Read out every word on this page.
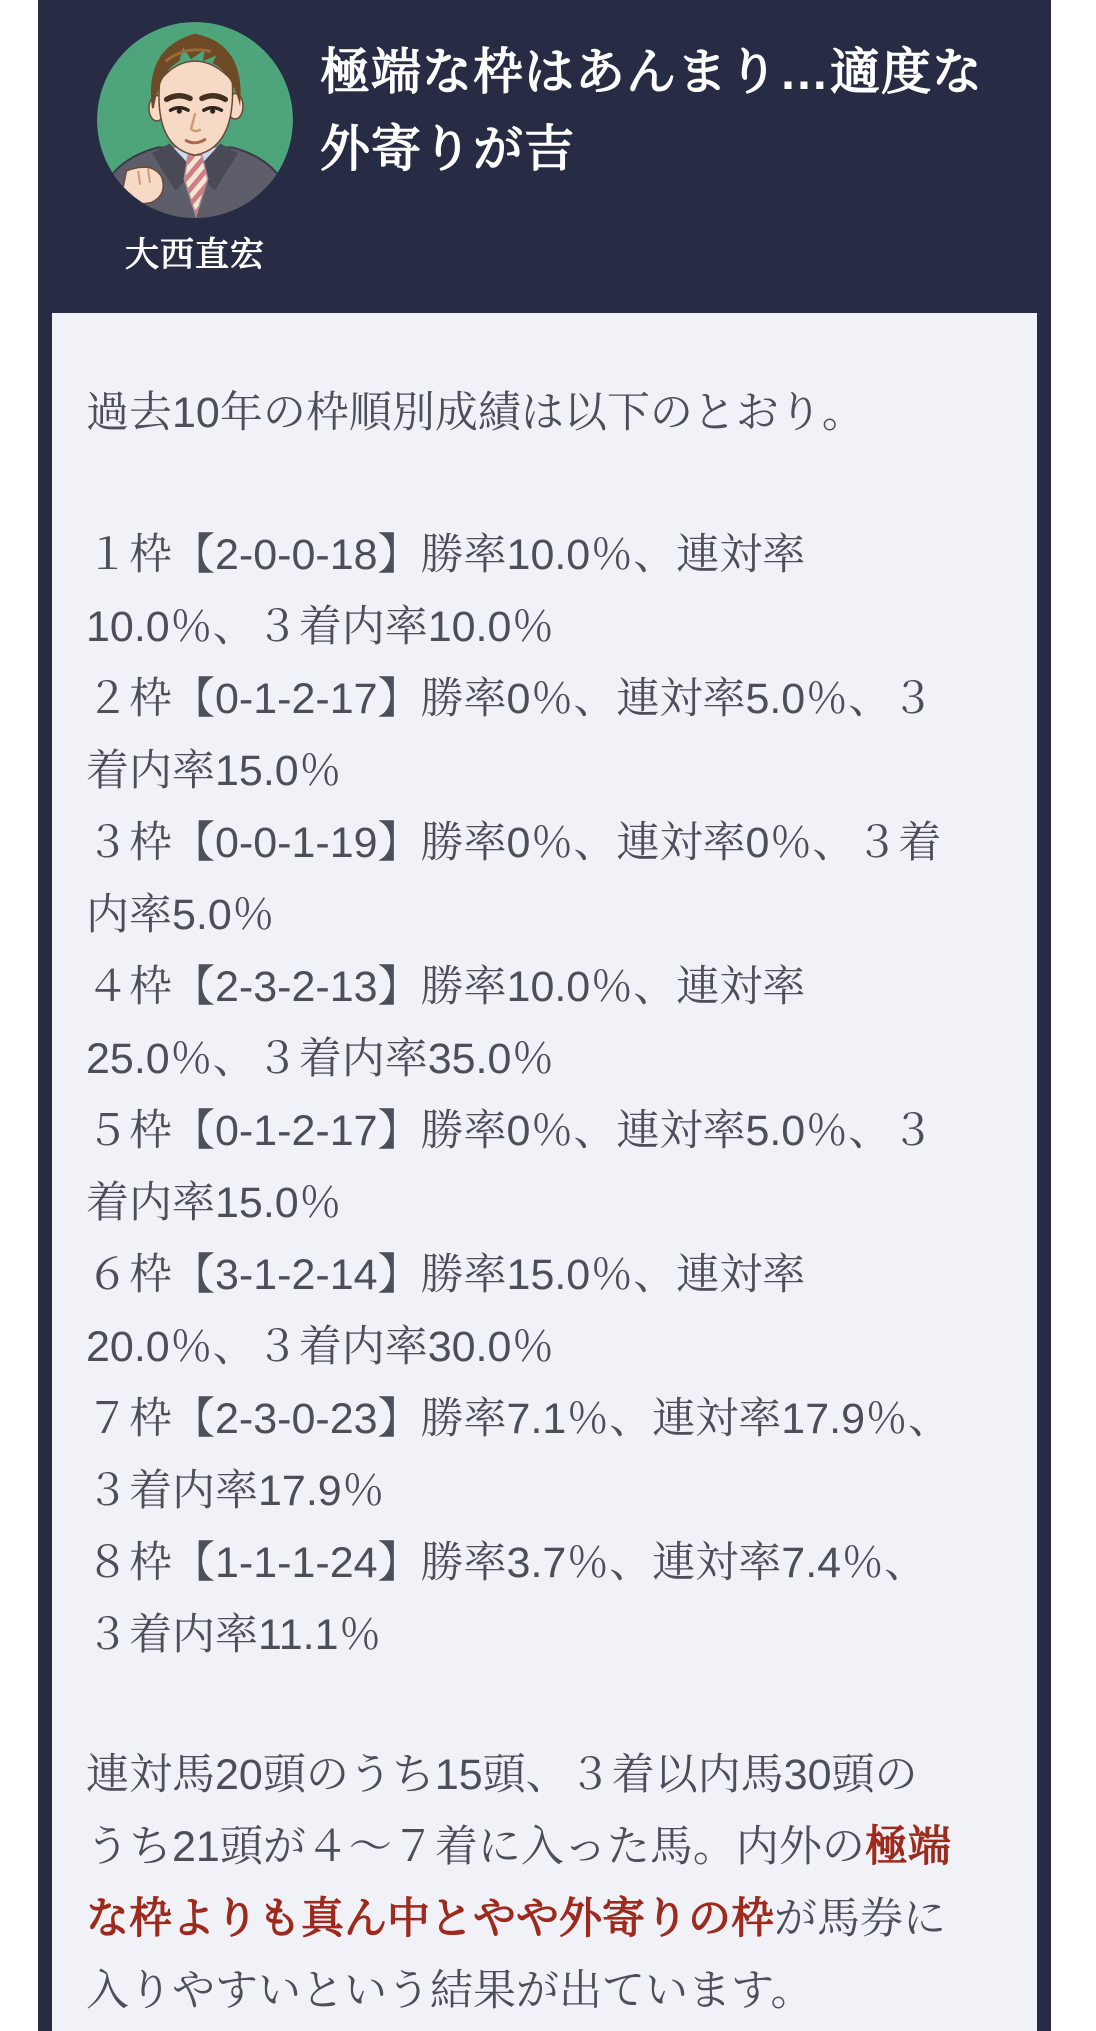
大西直宏
極端な枠はあんまり…適度な
外寄りが吉

過去10年の枠順別成績は以下のとおり。

１枠【2-0-0-18】勝率10.0％、連対率

10.0％、３着内率10.0％

２枠【0-1-2-17】勝率0％、連対率5.0％、３

着内率15.0％

３枠【0-0-1-19】勝率0％、連対率0％、３着

内率5.0％

４枠【2-3-2-13】勝率10.0％、連対率

25.0％、３着内率35.0％

５枠【0-1-2-17】勝率0％、連対率5.0％、３

着内率15.0％

６枠【3-1-2-14】勝率15.0％、連対率

20.0％、３着内率30.0％

７枠【2-3-0-23】勝率7.1％、連対率17.9％、

３着内率17.9％

８枠【1-1-1-24】勝率3.7％、連対率7.4％、

３着内率11.1％

連対馬20頭のうち15頭、３着以内馬30頭の

うち21頭が４〜７着に入った馬。内外の極端

な枠よりも真ん中とやや外寄りの枠が馬券に

入りやすいという結果が出ています。
